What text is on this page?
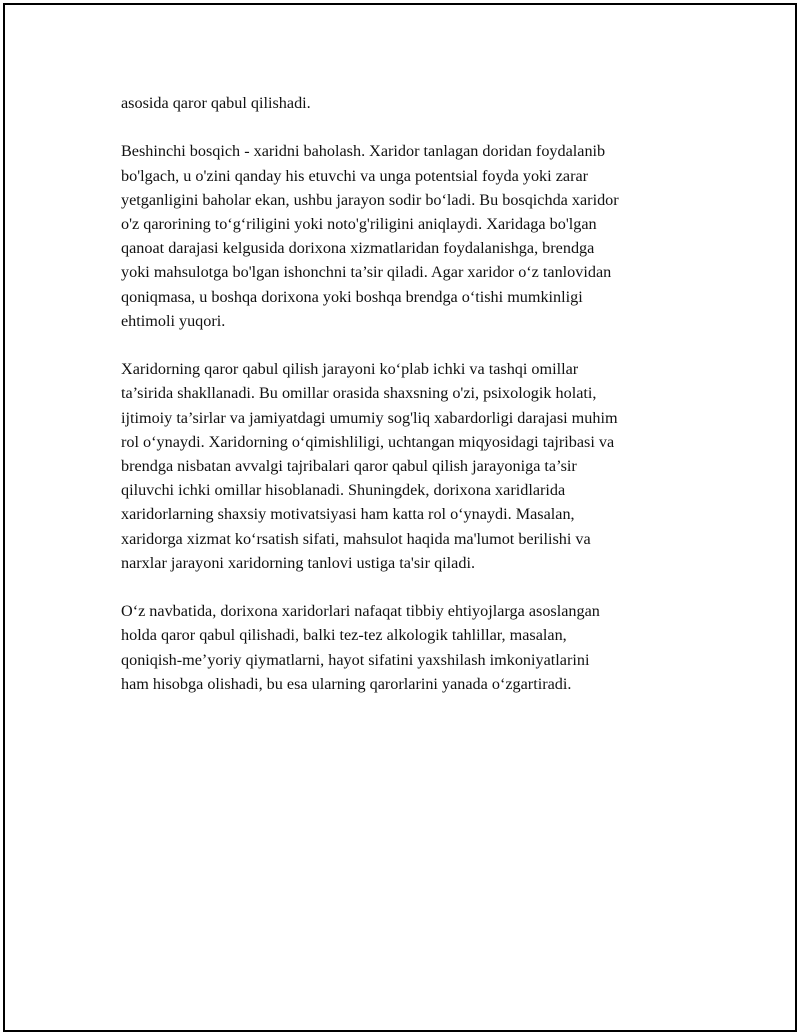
asosida qaror qabul qilishadi.

Beshinchi bosqich - xaridni baholash. Xaridor tanlagan doridan foydalanib
bo'lgach, u o'zini qanday his etuvchi va unga potentsial foyda yoki zarar
yetganligini baholar ekan, ushbu jarayon sodir bo‘ladi. Bu bosqichda xaridor
o'z qarorining to‘g‘riligini yoki noto'g'riligini aniqlaydi. Xaridaga bo'lgan
qanoat darajasi kelgusida dorixona xizmatlaridan foydalanishga, brendga
yoki mahsulotga bo'lgan ishonchni ta’sir qiladi. Agar xaridor o‘z tanlovidan
qoniqmasa, u boshqa dorixona yoki boshqa brendga o‘tishi mumkinligi
ehtimoli yuqori.

Xaridorning qaror qabul qilish jarayoni ko‘plab ichki va tashqi omillar
ta’sirida shakllanadi. Bu omillar orasida shaxsning o'zi, psixologik holati,
ijtimoiy ta’sirlar va jamiyatdagi umumiy sog'liq xabardorligi darajasi muhim
rol o‘ynaydi. Xaridorning o‘qimishliligi, uchtangan miqyosidagi tajribasi va
brendga nisbatan avvalgi tajribalari qaror qabul qilish jarayoniga ta’sir
qiluvchi ichki omillar hisoblanadi. Shuningdek, dorixona xaridlarida
xaridorlarning shaxsiy motivatsiyasi ham katta rol o‘ynaydi. Masalan,
xaridorga xizmat ko‘rsatish sifati, mahsulot haqida ma'lumot berilishi va
narxlar jarayoni xaridorning tanlovi ustiga ta'sir qiladi.

O‘z navbatida, dorixona xaridorlari nafaqat tibbiy ehtiyojlarga asoslangan
holda qaror qabul qilishadi, balki tez-tez alkologik tahlillar, masalan,
qoniqish-me’yoriy qiymatlarni, hayot sifatini yaxshilash imkoniyatlarini
ham hisobga olishadi, bu esa ularning qarorlarini yanada o‘zgartiradi.
